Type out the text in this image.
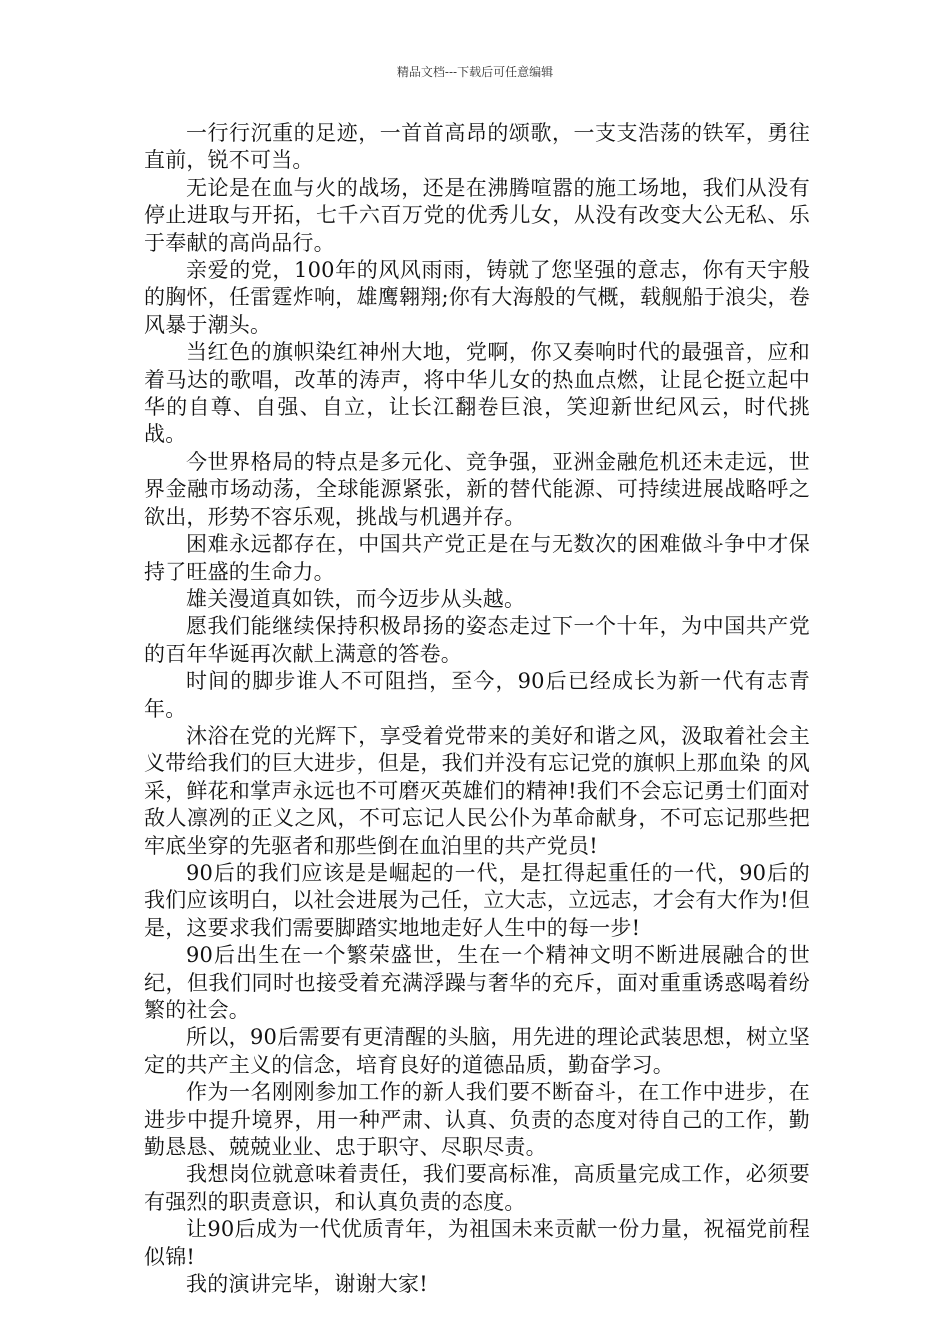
精品文档---下载后可任意编辑

一行行沉重的足迹，一首首高昂的颂歌，一支支浩荡的铁军，勇往直前，锐不可当。

无论是在血与火的战场，还是在沸腾喧嚣的施工场地，我们从没有停止进取与开拓，七千六百万党的优秀儿女，从没有改变大公无私、乐于奉献的高尚品行。

亲爱的党，100年的风风雨雨，铸就了您坚强的意志，你有天宇般的胸怀，任雷霆炸响，雄鹰翱翔;你有大海般的气概，载舰船于浪尖，卷风暴于潮头。

当红色的旗帜染红神州大地，党啊，你又奏响时代的最强音，应和着马达的歌唱，改革的涛声，将中华儿女的热血点燃，让昆仑挺立起中华的自尊、自强、自立，让长江翻卷巨浪，笑迎新世纪风云，时代挑战。

今世界格局的特点是多元化、竞争强，亚洲金融危机还未走远，世界金融市场动荡，全球能源紧张，新的替代能源、可持续进展战略呼之欲出，形势不容乐观，挑战与机遇并存。

困难永远都存在，中国共产党正是在与无数次的困难做斗争中才保持了旺盛的生命力。

雄关漫道真如铁，而今迈步从头越。

愿我们能继续保持积极昂扬的姿态走过下一个十年，为中国共产党的百年华诞再次献上满意的答卷。

时间的脚步谁人不可阻挡，至今，90后已经成长为新一代有志青年。

沐浴在党的光辉下，享受着党带来的美好和谐之风，汲取着社会主义带给我们的巨大进步，但是，我们并没有忘记党的旗帜上那血染 的风采，鲜花和掌声永远也不可磨灭英雄们的精神!我们不会忘记勇士们面对敌人凛冽的正义之风，不可忘记人民公仆为革命献身，不可忘记那些把牢底坐穿的先驱者和那些倒在血泊里的共产党员!

90后的我们应该是是崛起的一代，是扛得起重任的一代，90后的我们应该明白，以社会进展为己任，立大志，立远志，才会有大作为!但是，这要求我们需要脚踏实地地走好人生中的每一步!

90后出生在一个繁荣盛世，生在一个精神文明不断进展融合的世纪，但我们同时也接受着充满浮躁与奢华的充斥，面对重重诱惑喝着纷繁的社会。

所以，90后需要有更清醒的头脑，用先进的理论武装思想，树立坚定的共产主义的信念，培育良好的道德品质，勤奋学习。

作为一名刚刚参加工作的新人我们要不断奋斗，在工作中进步，在进步中提升境界，用一种严肃、认真、负责的态度对待自己的工作，勤勤恳恳、兢兢业业、忠于职守、尽职尽责。

我想岗位就意味着责任，我们要高标准，高质量完成工作，必须要有强烈的职责意识，和认真负责的态度。

让90后成为一代优质青年，为祖国未来贡献一份力量，祝福党前程似锦!

我的演讲完毕，谢谢大家!
